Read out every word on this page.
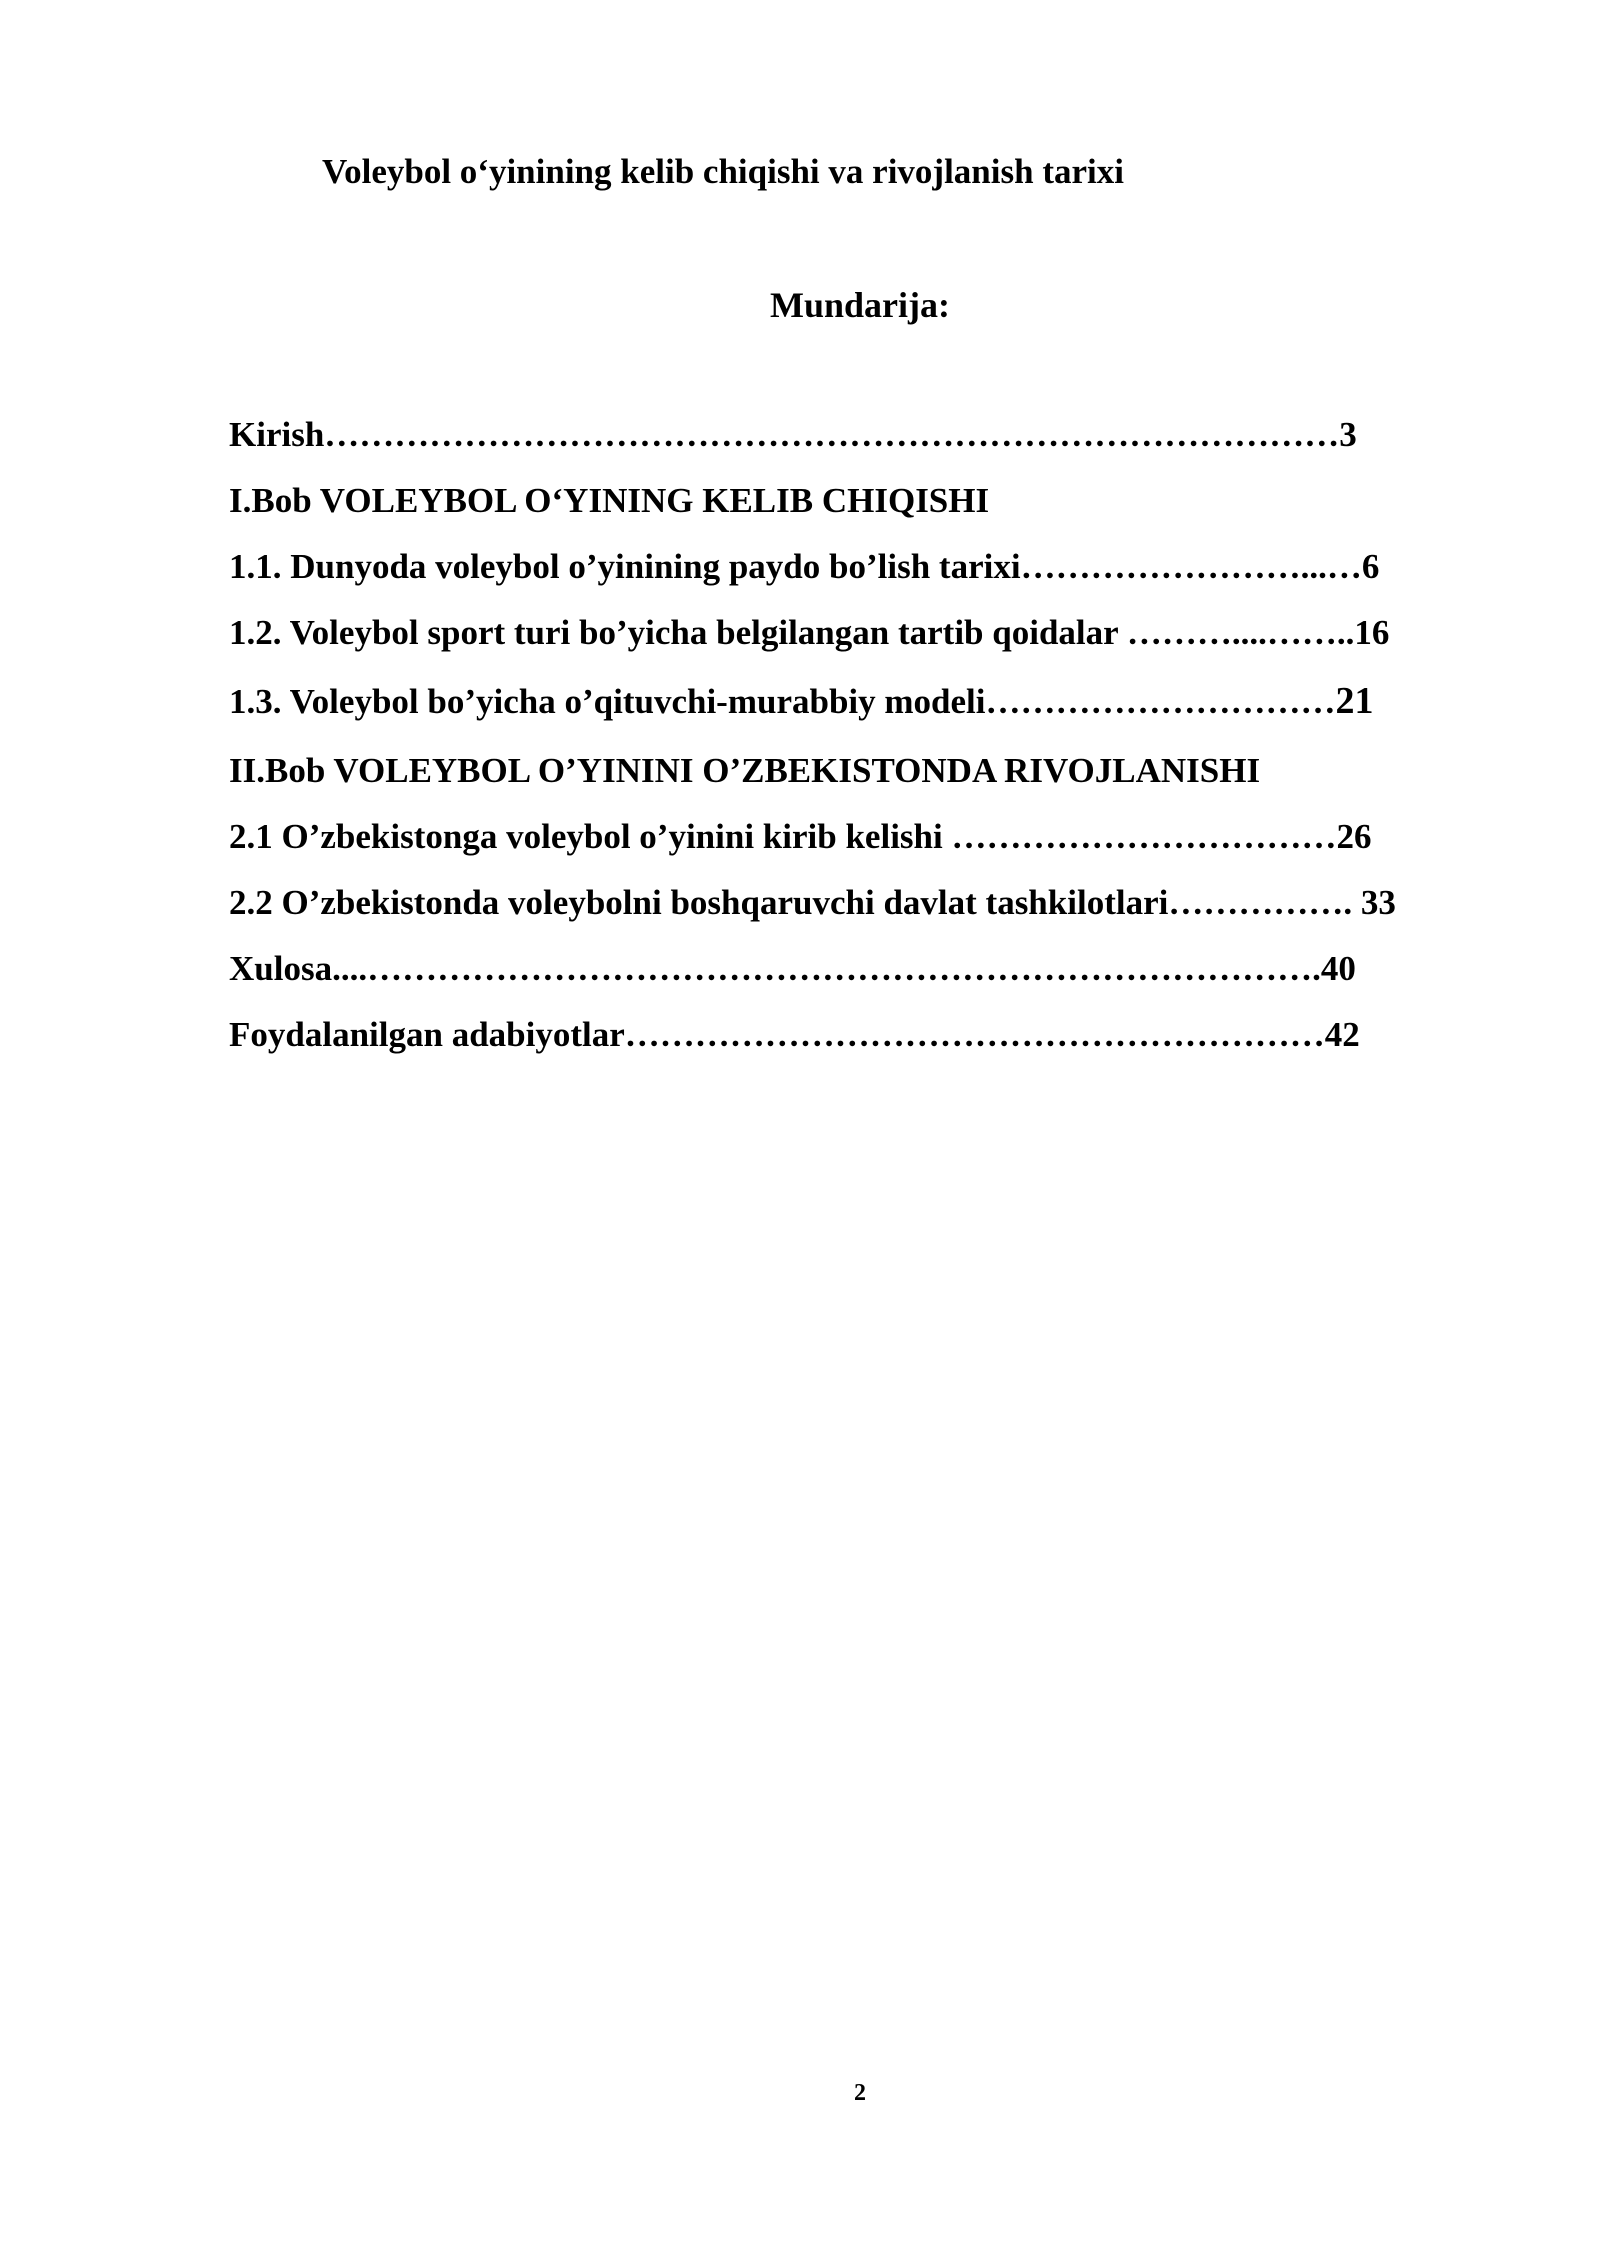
Voleybol o‘yinining kelib chiqishi va rivojlanish tarixi
Mundarija:
Kirish……………………………………………………………………………3
I.Bob VOLEYBOL O‘YINING KELIB CHIQISHI
1.1. Dunyoda voleybol o’yinining paydo bo’lish tarixi……………………...…6
1.2. Voleybol sport turi bo’yicha belgilangan tartib qoidalar ………....……..16
1.3. Voleybol bo’yicha o’qituvchi-murabbiy modeli…………………………21
II.Bob VOLEYBOL O’YININI O’ZBEKISTONDA RIVOJLANISHI
2.1 O’zbekistonga voleybol o’yinini kirib kelishi ……………………………26
2.2 O’zbekistonda voleybolni boshqaruvchi davlat tashkilotlari……………. 33
Xulosa....……………………………………………………………………….40
Foydalanilgan adabiyotlar……………………………………………………42
2
